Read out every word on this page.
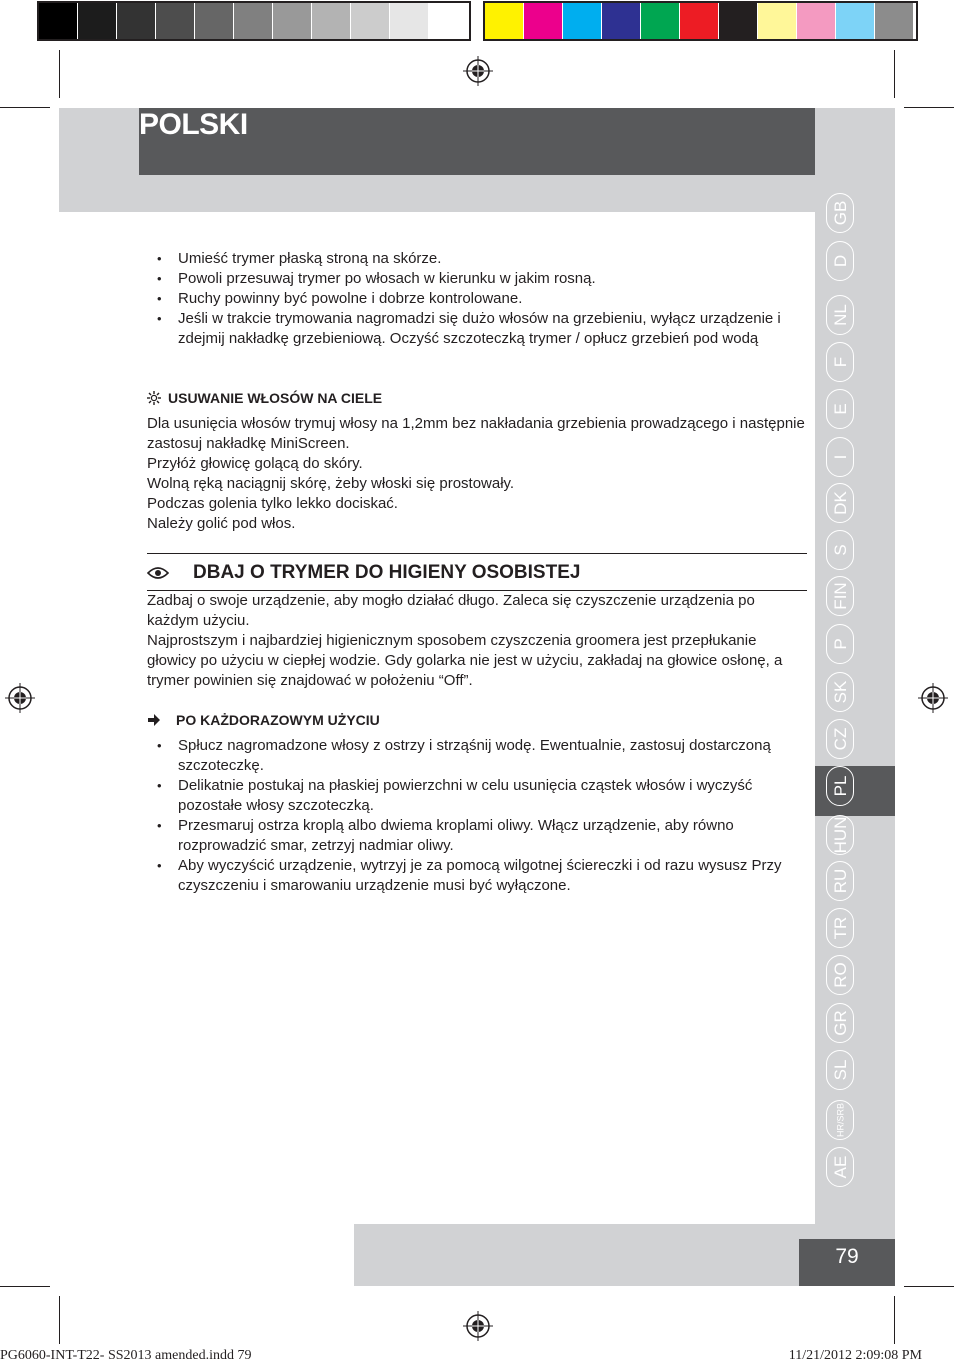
POLSKI
GB
D
NL
F
E
I
DK
S
FIN
P
SK
CZ
PL
HUN
RU
TR
RO
GR
SL
HR/SRB
AE
• Umieść trymer płaską stroną na skórze.
• Powoli przesuwaj trymer po włosach w kierunku w jakim rosną.
• Ruchy powinny być powolne i dobrze kontrolowane.
• Jeśli w trakcie trymowania nagromadzi się dużo włosów na grzebieniu, wyłącz urządzenie i zdejmij nakładkę grzebieniową. Oczyść szczoteczką trymer / opłucz grzebień pod wodą
USUWANIE WŁOSÓW NA CIELE

Dla usunięcia włosów trymuj włosy na 1,2mm bez nakładania grzebienia prowadzącego i następnie zastosuj nakładkę MiniScreen.

Przyłóż głowicę golącą do skóry.

Wolną ręką naciągnij skórę, żeby włoski się prostowały.

Podczas golenia tylko lekko dociskać.

Należy golić pod włos.

DBAJ O TRYMER DO HIGIENY OSOBISTEJ

Zadbaj o swoje urządzenie, aby mogło działać długo. Zaleca się czyszczenie urządzenia po każdym użyciu.

Najprostszym i najbardziej higienicznym sposobem czyszczenia groomera jest przepłukanie głowicy po użyciu w ciepłej wodzie. Gdy golarka nie jest w użyciu, zakładaj na głowice osłonę, a trymer powinien się znajdować w położeniu “Off”.

PO KAŻDORAZOWYM UŻYCIU
• Spłucz nagromadzone włosy z ostrzy i strząśnij wodę. Ewentualnie, zastosuj dostarczoną szczoteczkę.
• Delikatnie postukaj na płaskiej powierzchni w celu usunięcia cząstek włosów i wyczyść pozostałe włosy szczoteczką.
• Przesmaruj ostrza kroplą albo dwiema kroplami oliwy. Włącz urządzenie, aby równo rozprowadzić smar, zetrzyj nadmiar oliwy.
• Aby wyczyścić urządzenie, wytrzyj je za pomocą wilgotnej ściereczki i od razu wysusz Przy czyszczeniu i smarowaniu urządzenie musi być wyłączone.
79
PG6060-INT-T22- SS2013 amended.indd 79	11/21/2012 2:09:08 PM
